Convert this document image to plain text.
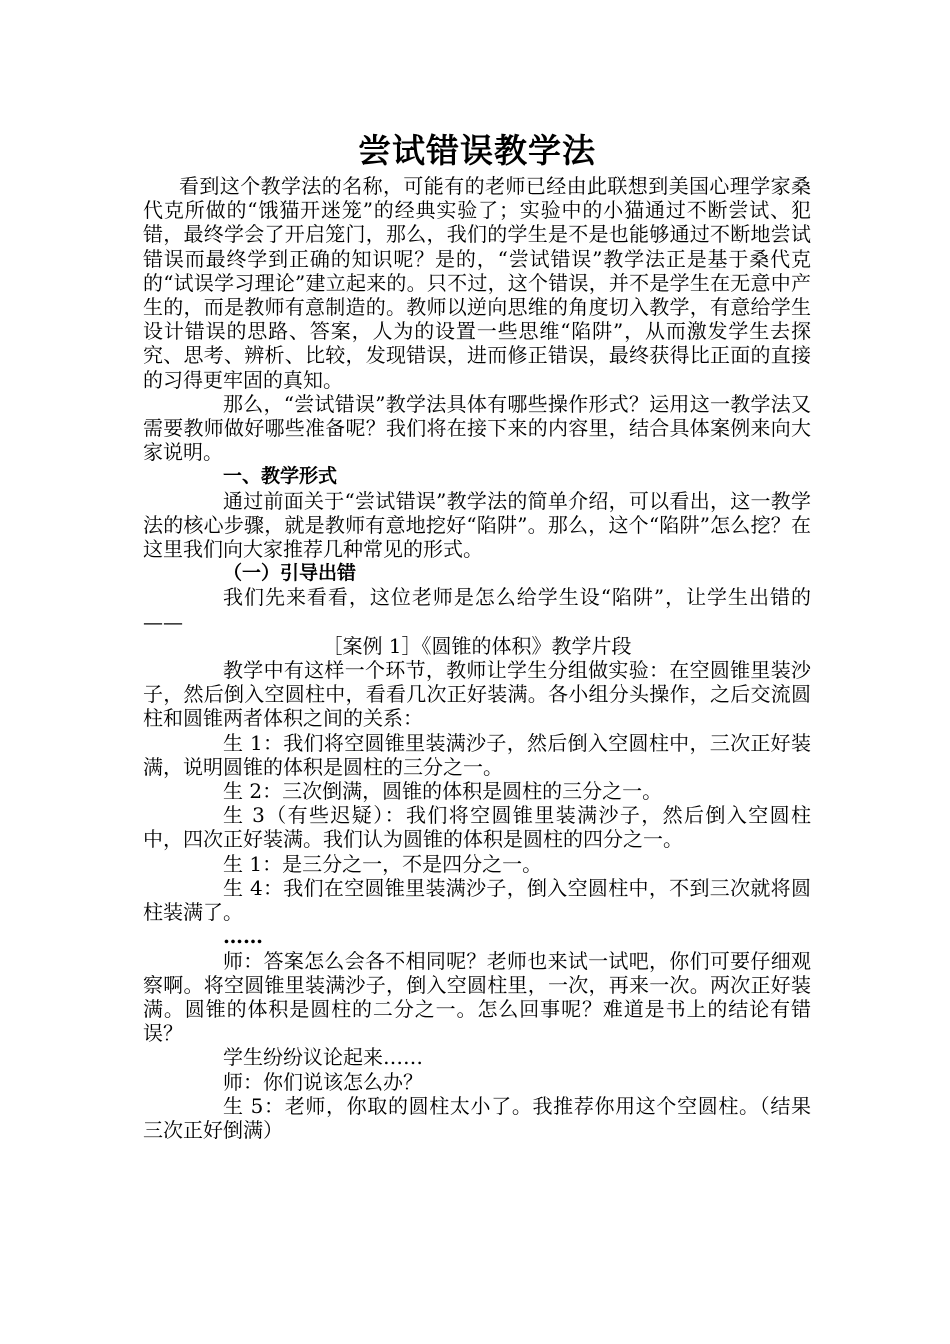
尝试错误教学法

看到这个教学法的名称，可能有的老师已经由此联想到美国心理学家桑代克所做的“饿猫开迷笼”的经典实验了；实验中的小猫通过不断尝试、犯错，最终学会了开启笼门，那么，我们的学生是不是也能够通过不断地尝试错误而最终学到正确的知识呢？是的，“尝试错误”教学法正是基于桑代克的“试误学习理论”建立起来的。只不过，这个错误，并不是学生在无意中产生的，而是教师有意制造的。教师以逆向思维的角度切入教学，有意给学生设计错误的思路、答案，人为的设置一些思维“陷阱”，从而激发学生去探究、思考、辨析、比较，发现错误，进而修正错误，最终获得比正面的直接的习得更牢固的真知。

那么，“尝试错误”教学法具体有哪些操作形式？运用这一教学法又需要教师做好哪些准备呢？我们将在接下来的内容里，结合具体案例来向大家说明。

一、教学形式

通过前面关于“尝试错误”教学法的简单介绍，可以看出，这一教学法的核心步骤，就是教师有意地挖好“陷阱”。那么，这个“陷阱”怎么挖？在这里我们向大家推荐几种常见的形式。

（一）引导出错

我们先来看看，这位老师是怎么给学生设“陷阱”，让学生出错的——

［案例 1］《圆锥的体积》教学片段

教学中有这样一个环节，教师让学生分组做实验：在空圆锥里装沙子，然后倒入空圆柱中，看看几次正好装满。各小组分头操作，之后交流圆柱和圆锥两者体积之间的关系：

生 1：我们将空圆锥里装满沙子，然后倒入空圆柱中，三次正好装满，说明圆锥的体积是圆柱的三分之一。

生 2：三次倒满，圆锥的体积是圆柱的三分之一。

生 3（有些迟疑）：我们将空圆锥里装满沙子，然后倒入空圆柱中，四次正好装满。我们认为圆锥的体积是圆柱的四分之一。

生 1：是三分之一，不是四分之一。

生 4：我们在空圆锥里装满沙子，倒入空圆柱中，不到三次就将圆柱装满了。

……

师：答案怎么会各不相同呢？老师也来试一试吧，你们可要仔细观察啊。将空圆锥里装满沙子，倒入空圆柱里，一次，再来一次。两次正好装满。圆锥的体积是圆柱的二分之一。怎么回事呢？难道是书上的结论有错误？

学生纷纷议论起来……

师：你们说该怎么办？

生 5：老师，你取的圆柱太小了。我推荐你用这个空圆柱。（结果三次正好倒满）
